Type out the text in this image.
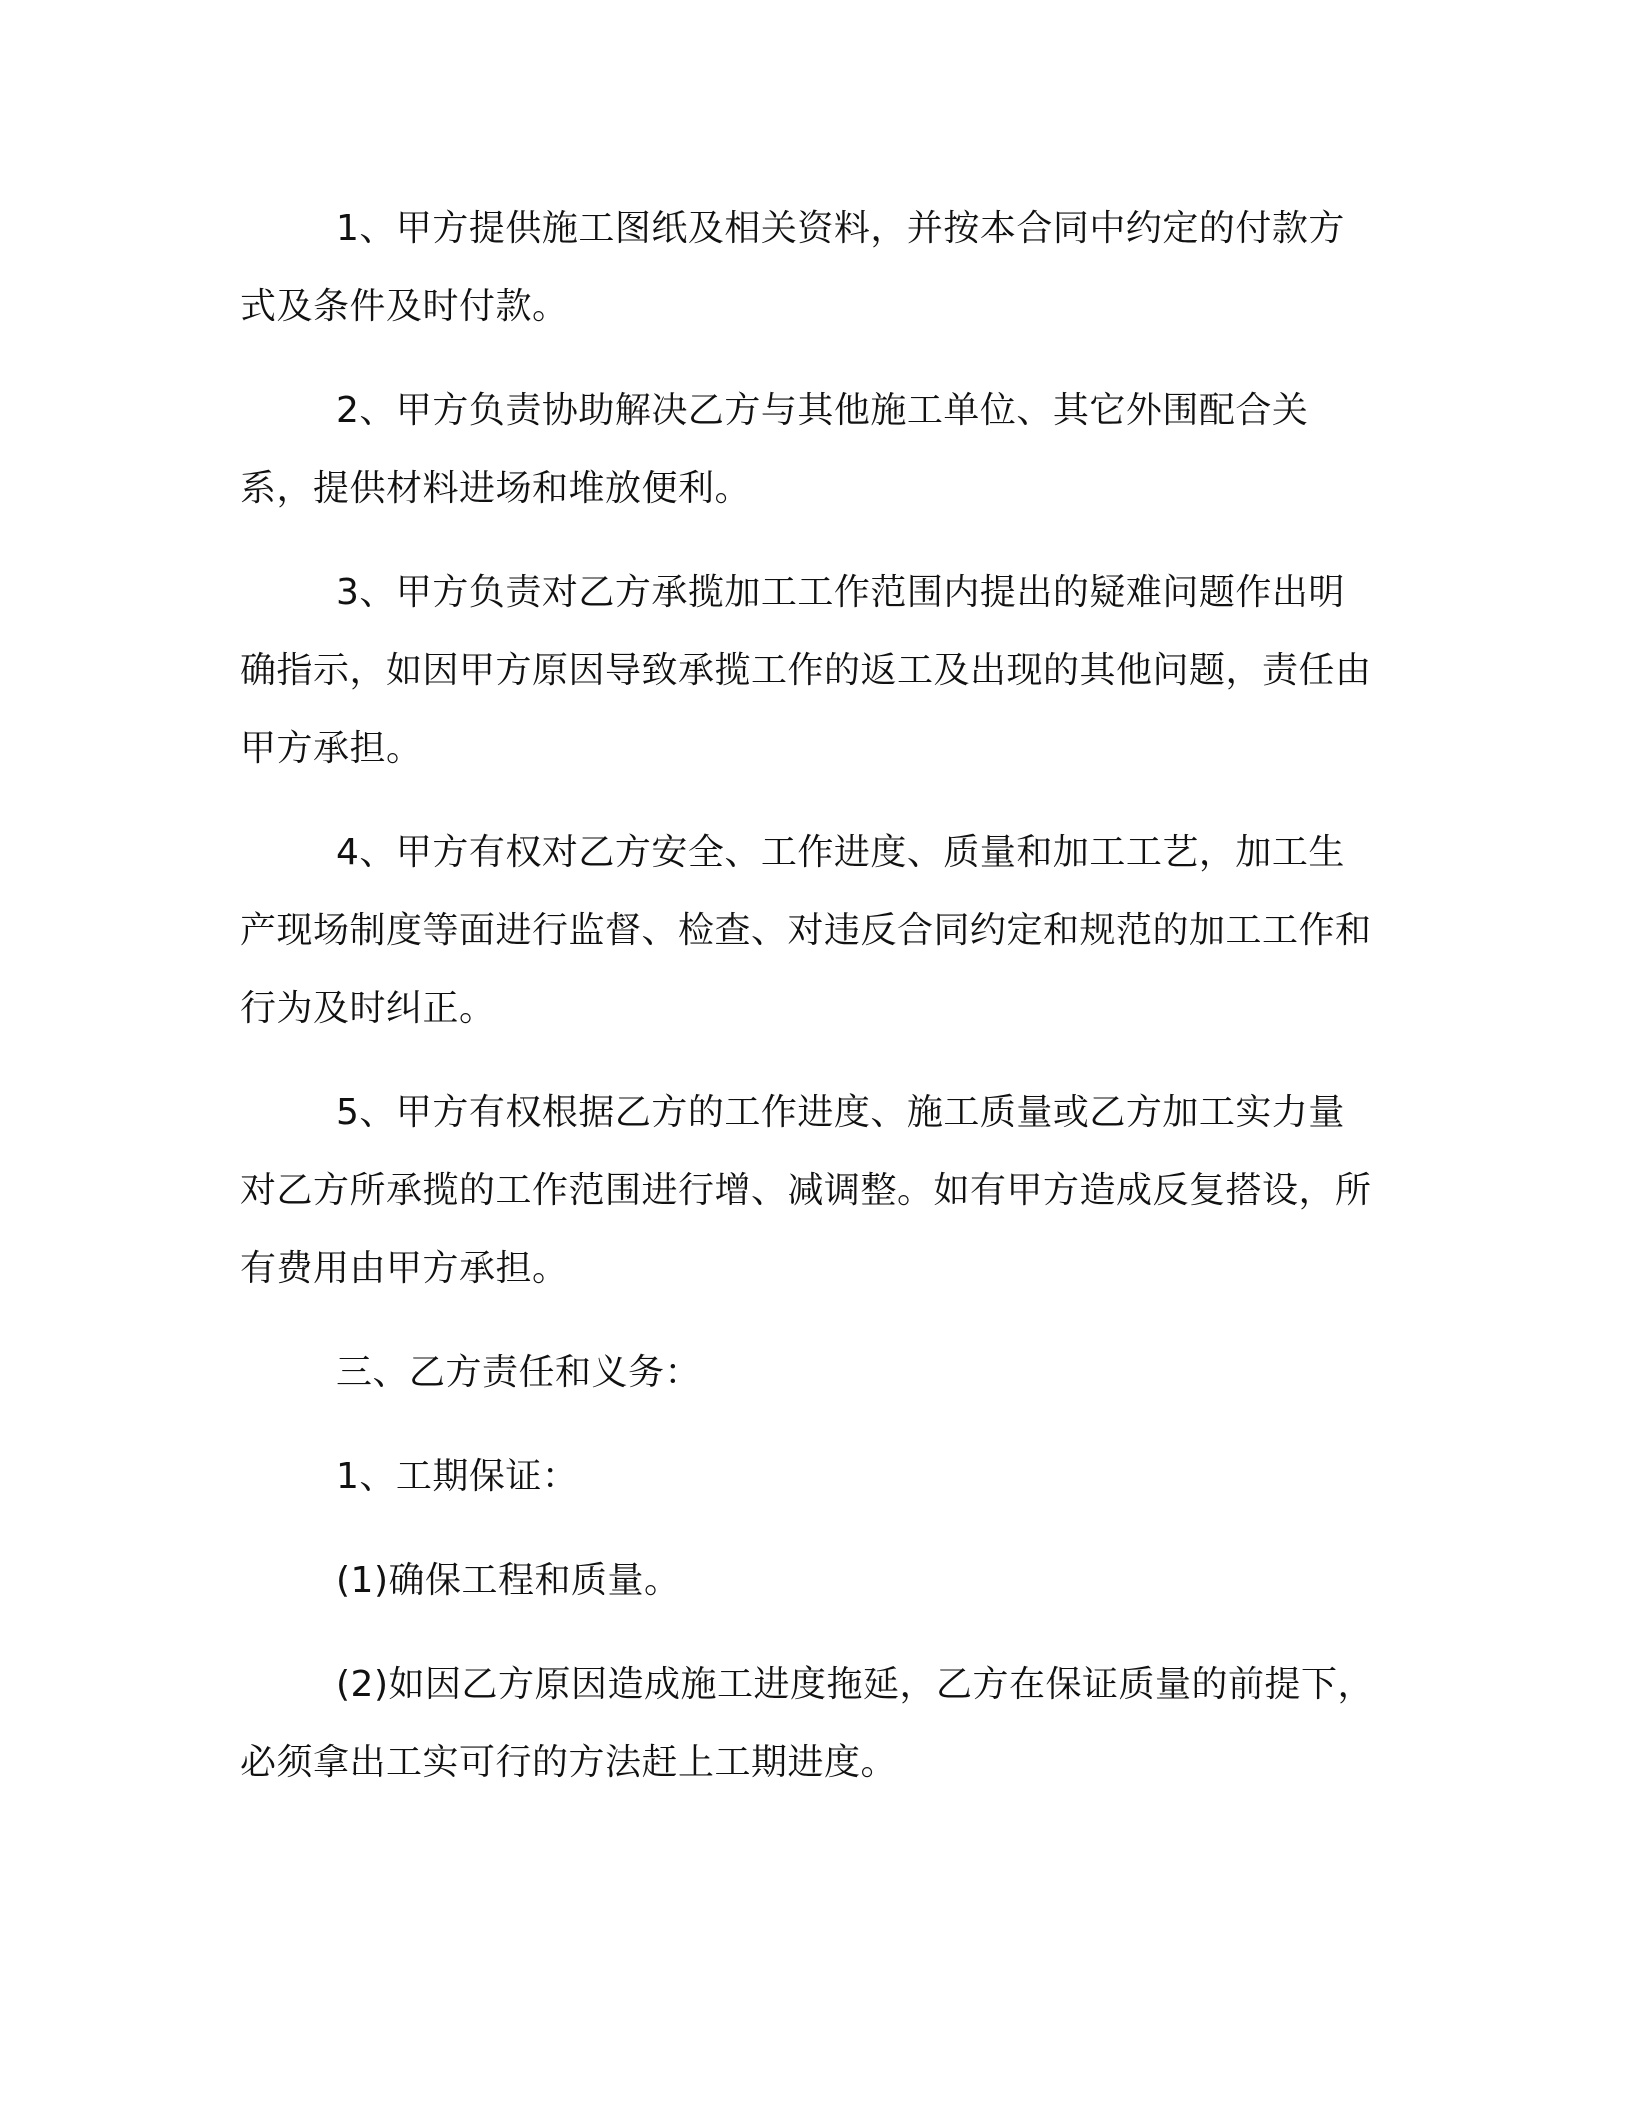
1、甲方提供施工图纸及相关资料，并按本合同中约定的付款方式及条件及时付款。

2、甲方负责协助解决乙方与其他施工单位、其它外围配合关系，提供材料进场和堆放便利。

3、甲方负责对乙方承揽加工工作范围内提出的疑难问题作出明确指示，如因甲方原因导致承揽工作的返工及出现的其他问题，责任由甲方承担。

4、甲方有权对乙方安全、工作进度、质量和加工工艺，加工生产现场制度等面进行监督、检查、对违反合同约定和规范的加工工作和行为及时纠正。

5、甲方有权根据乙方的工作进度、施工质量或乙方加工实力量对乙方所承揽的工作范围进行增、减调整。如有甲方造成反复搭设，所有费用由甲方承担。

三、乙方责任和义务：

1、工期保证：

(1)确保工程和质量。

(2)如因乙方原因造成施工进度拖延，乙方在保证质量的前提下，必须拿出工实可行的方法赶上工期进度。
